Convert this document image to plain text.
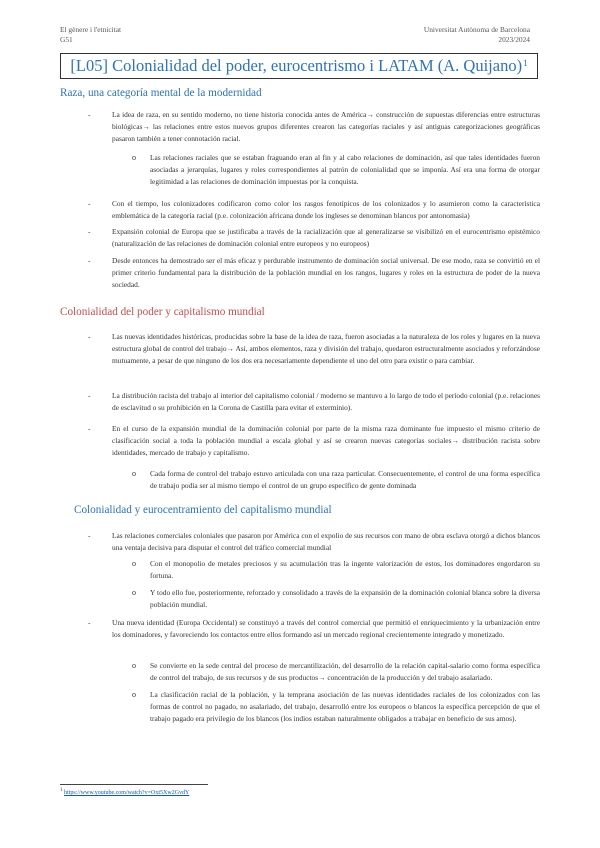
El gènere i l'etnicitat
G51
Universitat Autònoma de Barcelona
2023/2024
[L05] Colonialidad del poder, eurocentrismo i LATAM (A. Quijano)$^1$
Raza, una categoría mental de la modernidad
-	La idea de raza, en su sentido moderno, no tiene historia conocida antes de América→ construcción de supuestas diferencias entre estructuras biológicas→ las relaciones entre estos nuevos grupos diferentes crearon las categorías raciales y así antiguas categorizaciones geográficas pasaron también a tener connotación racial.
o Las relaciones raciales que se estaban fraguando eran al fin y al cabo relaciones de dominación, así que tales identidades fueron asociadas a jerarquías, lugares y roles correspondientes al patrón de colonialidad que se imponía. Así era una forma de otorgar legitimidad a las relaciones de dominación impuestas por la conquista.
-	Con el tiempo, los colonizadores codificaron como color los rasgos fenotípicos de los colonizados y lo asumieron como la característica emblemática de la categoría racial (p.e. colonización africana donde los ingleses se denominan blancos por antonomasia)
-	Expansión colonial de Europa que se justificaba a través de la racialización que al generalizarse se visibilizó en el eurocentrismo epistémico (naturalización de las relaciones de dominación colonial entre europeos y no europeos)
-	Desde entonces ha demostrado ser el más eficaz y perdurable instrumento de dominación social universal. De ese modo, raza se convirtió en el primer criterio fundamental para la distribución de la población mundial en los rangos, lugares y roles en la estructura de poder de la nueva sociedad.
Colonialidad del poder y capitalismo mundial
-	Las nuevas identidades históricas, producidas sobre la base de la idea de raza, fueron asociadas a la naturaleza de los roles y lugares en la nueva estructura global de control del trabajo→ Así, ambos elementos, raza y división del trabajo, quedaron estructuralmente asociados y reforzándose mutuamente, a pesar de que ninguno de los dos era necesariamente dependiente el uno del otro para existir o para cambiar.
-	La distribución racista del trabajo al interior del capitalismo colonial / moderno se mantuvo a lo largo de todo el período colonial (p.e. relaciones de esclavitud o su prohibición en la Corona de Castilla para evitar el exterminio).
-	En el curso de la expansión mundial de la dominación colonial por parte de la misma raza dominante fue impuesto el mismo criterio de clasificación social a toda la población mundial a escala global y así se crearon nuevas categorías sociales→ distribución racista sobre identidades, mercado de trabajo y capitalismo.
o Cada forma de control del trabajo estuvo articulada con una raza particular. Consecuentemente, el control de una forma específica de trabajo podía ser al mismo tiempo el control de un grupo específico de gente dominada
Colonialidad y eurocentramiento del capitalismo mundial
-	Las relaciones comerciales coloniales que pasaron por América con el expolio de sus recursos con mano de obra esclava otorgó a dichos blancos una ventaja decisiva para disputar el control del tráfico comercial mundial
o Con el monopolio de metales preciosos y su acumulación tras la ingente valorización de estos, los dominadores engordaron su fortuna.
o Y todo ello fue, posteriormente, reforzado y consolidado a través de la expansión de la dominación colonial blanca sobre la diversa población mundial.
-	Una nueva identidad (Europa Occidental) se constituyó a través del control comercial que permitió el enriquecimiento y la urbanización entre los dominadores, y favoreciendo los contactos entre ellos formando así un mercado regional crecientemente integrado y monetizado.
o Se convierte en la sede central del proceso de mercantilización, del desarrollo de la relación capital-salario como forma específica de control del trabajo, de sus recursos y de sus productos→ concentración de la producción y del trabajo asalariado.
o La clasificación racial de la población, y la temprana asociación de las nuevas identidades raciales de los colonizados con las formas de control no pagado, no asalariado, del trabajo, desarrolló entre los europeos o blancos la específica percepción de que el trabajo pagado era privilegio de los blancos (los indios estaban naturalmente obligados a trabajar en beneficio de sus amos).
$^1$ https://www.youtube.com/watch?v=Oxt5Xw2GvdY
